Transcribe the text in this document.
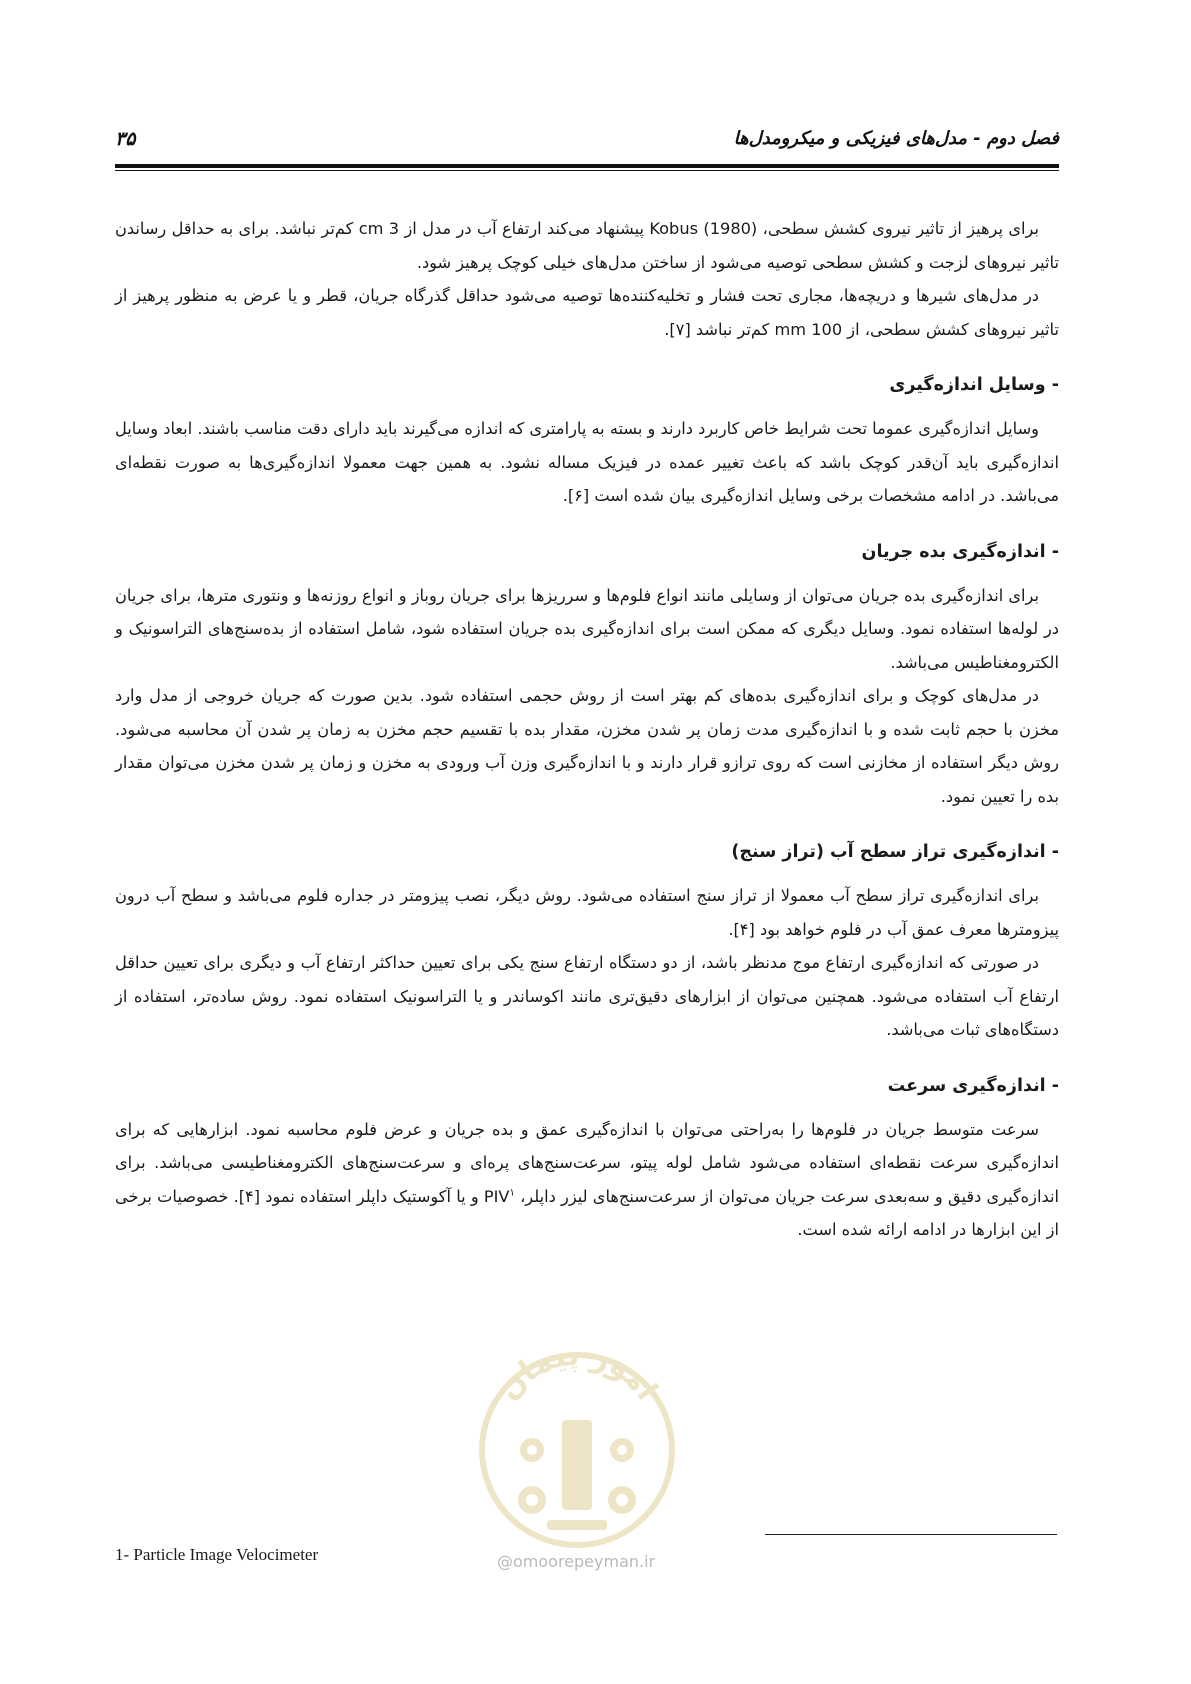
فصل دوم - مدل‌های فیزیکی و میکرومدل‌ها
۳۵

برای پرهیز از تاثیر نیروی کشش سطحی، Kobus (1980) پیشنهاد می‌کند ارتفاع آب در مدل از 3 cm کم‌تر نباشد. برای به حداقل رساندن تاثیر نیروهای لزجت و کشش سطحی توصیه می‌شود از ساختن مدل‌های خیلی کوچک پرهیز شود.

در مدل‌های شیرها و دریچه‌ها، مجاری تحت فشار و تخلیه‌کننده‌ها توصیه می‌شود حداقل گذرگاه جریان، قطر و یا عرض به منظور پرهیز از تاثیر نیروهای کشش سطحی، از 100 mm کم‌تر نباشد [۷].

- وسایل اندازه‌گیری

وسایل اندازه‌گیری عموما تحت شرایط خاص کاربرد دارند و بسته به پارامتری که اندازه می‌گیرند باید دارای دقت مناسب باشند. ابعاد وسایل اندازه‌گیری باید آن‌قدر کوچک باشد که باعث تغییر عمده در فیزیک مساله نشود. به همین جهت معمولا اندازه‌گیری‌ها به صورت نقطه‌ای می‌باشد. در ادامه مشخصات برخی وسایل اندازه‌گیری بیان شده است [۶].

- اندازه‌گیری بده جریان

برای اندازه‌گیری بده جریان می‌توان از وسایلی مانند انواع فلوم‌ها و سرریزها برای جریان روباز و انواع روزنه‌ها و ونتوری مترها، برای جریان در لوله‌ها استفاده نمود. وسایل دیگری که ممکن است برای اندازه‌گیری بده جریان استفاده شود، شامل استفاده از بده‌سنج‌های التراسونیک و الکترومغناطیس می‌باشد.

در مدل‌های کوچک و برای اندازه‌گیری بده‌های کم بهتر است از روش حجمی استفاده شود. بدین صورت که جریان خروجی از مدل وارد مخزن با حجم ثابت شده و با اندازه‌گیری مدت زمان پر شدن مخزن، مقدار بده با تقسیم حجم مخزن به زمان پر شدن آن محاسبه می‌شود. روش دیگر استفاده از مخازنی است که روی ترازو قرار دارند و با اندازه‌گیری وزن آب ورودی به مخزن و زمان پر شدن مخزن می‌توان مقدار بده را تعیین نمود.

- اندازه‌گیری تراز سطح آب (تراز سنج)

برای اندازه‌گیری تراز سطح آب معمولا از تراز سنج استفاده می‌شود. روش دیگر، نصب پیزومتر در جداره فلوم می‌باشد و سطح آب درون پیزومترها معرف عمق آب در فلوم خواهد بود [۴].

در صورتی که اندازه‌گیری ارتفاع موج مدنظر باشد، از دو دستگاه ارتفاع سنج یکی برای تعیین حداکثر ارتفاع آب و دیگری برای تعیین حداقل ارتفاع آب استفاده می‌شود. همچنین می‌توان از ابزارهای دقیق‌تری مانند اکوساندر و یا التراسونیک استفاده نمود. روش ساده‌تر، استفاده از دستگاه‌های ثبات می‌باشد.

- اندازه‌گیری سرعت

سرعت متوسط جریان در فلوم‌ها را به‌راحتی می‌توان با اندازه‌گیری عمق و بده جریان و عرض فلوم محاسبه نمود. ابزارهایی که برای اندازه‌گیری سرعت نقطه‌ای استفاده می‌شود شامل لوله پیتو، سرعت‌سنج‌های پره‌ای و سرعت‌سنج‌های الکترومغناطیسی می‌باشد. برای اندازه‌گیری دقیق و سه‌بعدی سرعت جریان می‌توان از سرعت‌سنج‌های لیزر داپلر، PIV$^۱$ و یا آکوستیک داپلر استفاده نمود [۴]. خصوصیات برخی از این ابزارها در ادامه ارائه شده است.

1- Particle Image Velocimeter
امور پیمان
@omoorepeyman.ir
